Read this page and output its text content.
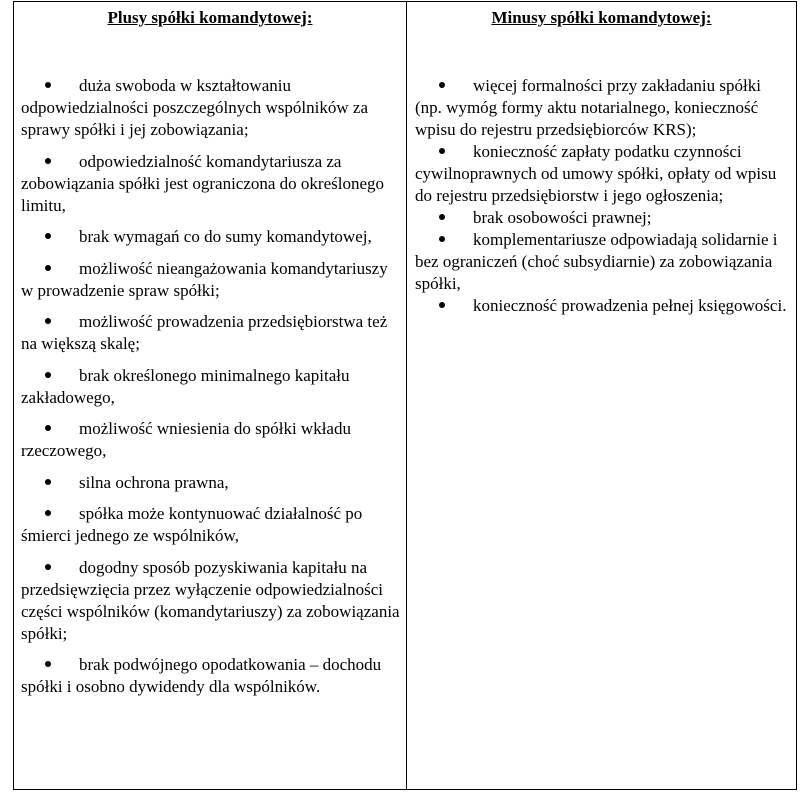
Plusy spółki komandytowej:
duża swoboda w kształtowaniu odpowiedzialności poszczególnych wspólników za sprawy spółki i jej zobowiązania;
odpowiedzialność komandytariusza za zobowiązania spółki jest ograniczona do określonego limitu,
brak wymagań co do sumy komandytowej,
możliwość nieangażowania komandytariuszy w prowadzenie spraw spółki;
możliwość prowadzenia przedsiębiorstwa też na większą skalę;
brak określonego minimalnego kapitału zakładowego,
możliwość wniesienia do spółki wkładu rzeczowego,
silna ochrona prawna,
spółka może kontynuować działalność po śmierci jednego ze wspólników,
dogodny sposób pozyskiwania kapitału na przedsięwzięcia przez wyłączenie odpowiedzialności części wspólników (komandytariuszy) za zobowiązania spółki;
brak podwójnego opodatkowania – dochodu spółki i osobno dywidendy dla wspólników.
Minusy spółki komandytowej:
więcej formalności przy zakładaniu spółki (np. wymóg formy aktu notarialnego, konieczność wpisu do rejestru przedsiębiorców KRS);
konieczność zapłaty podatku czynności cywilnoprawnych od umowy spółki, opłaty od wpisu do rejestru przedsiębiorstw i jego ogłoszenia;
brak osobowości prawnej;
komplementariusze odpowiadają solidarnie i bez ograniczeń (choć subsydiarnie) za zobowiązania spółki,
konieczność prowadzenia pełnej księgowości.
